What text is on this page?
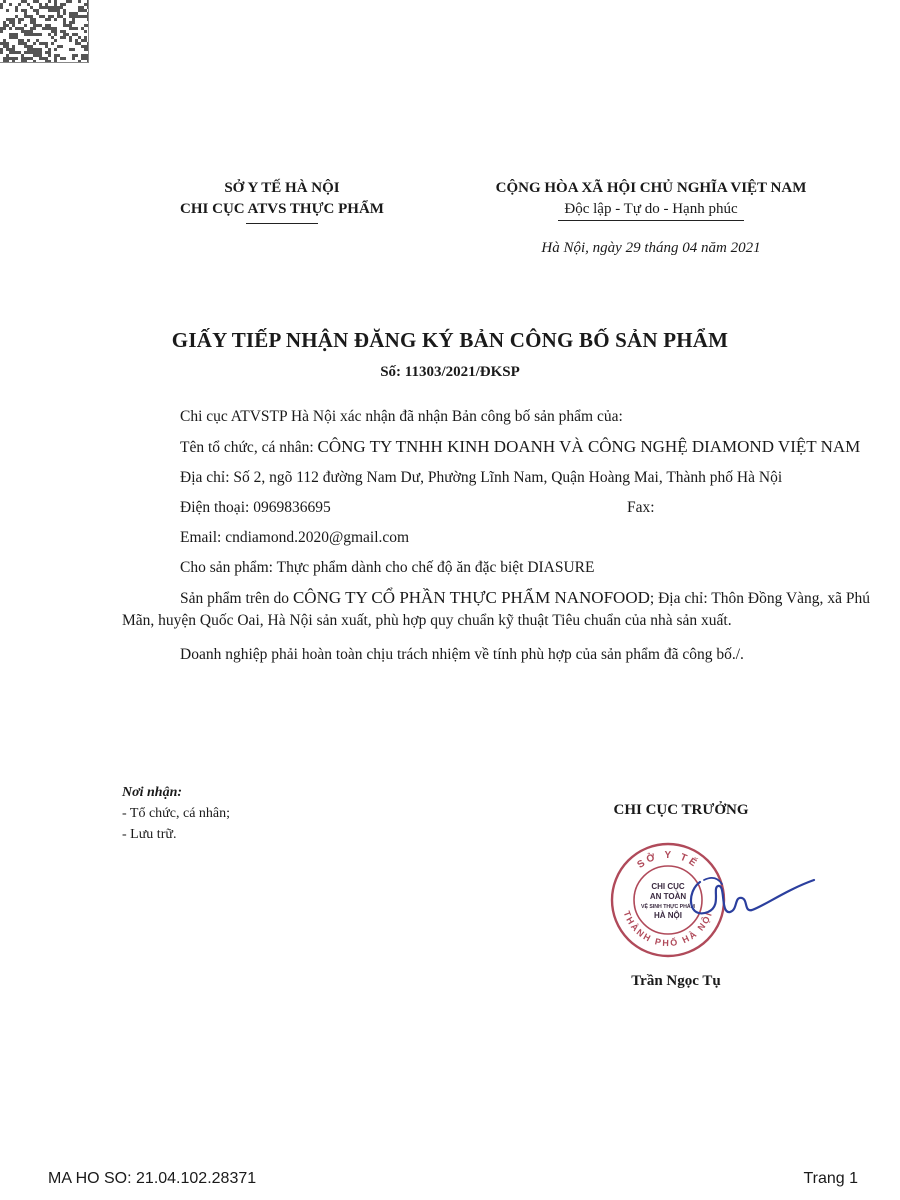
SỞ Y TẾ HÀ NỘI
CHI CỤC ATVS THỰC PHẨM
CỘNG HÒA XÃ HỘI CHỦ NGHĨA VIỆT NAM
Độc lập - Tự do - Hạnh phúc
Hà Nội, ngày 29 tháng 04 năm 2021
GIẤY TIẾP NHẬN ĐĂNG KÝ BẢN CÔNG BỐ SẢN PHẨM
Số: 11303/2021/ĐKSP

Chi cục ATVSTP Hà Nội xác nhận đã nhận Bản công bố sản phẩm của:

Tên tổ chức, cá nhân: CÔNG TY TNHH KINH DOANH VÀ CÔNG NGHỆ DIAMOND VIỆT NAM

Địa chỉ: Số 2, ngõ 112 đường Nam Dư, Phường Lĩnh Nam, Quận Hoàng Mai, Thành phố Hà Nội

Điện thoại: 0969836695	Fax:

Email: cndiamond.2020@gmail.com

Cho sản phẩm: Thực phẩm dành cho chế độ ăn đặc biệt DIASURE

Sản phẩm trên do CÔNG TY CỔ PHẦN THỰC PHẨM NANOFOOD; Địa chỉ: Thôn Đồng Vàng, xã Phú Mãn, huyện Quốc Oai, Hà Nội sản xuất, phù hợp quy chuẩn kỹ thuật Tiêu chuẩn của nhà sản xuất.

Doanh nghiệp phải hoàn toàn chịu trách nhiệm về tính phù hợp của sản phẩm đã công bố./.

Nơi nhận:
- Tổ chức, cá nhân;
- Lưu trữ.
CHI CỤC TRƯỞNG
SỞ Y TẾ
THÀNH PHỐ HÀ NỘI
CHI CỤC
AN TOÀN
VỆ SINH THỰC PHẨM
HÀ NỘI
Trần Ngọc Tụ
MA HO SO: 21.04.102.28371	Trang 1
